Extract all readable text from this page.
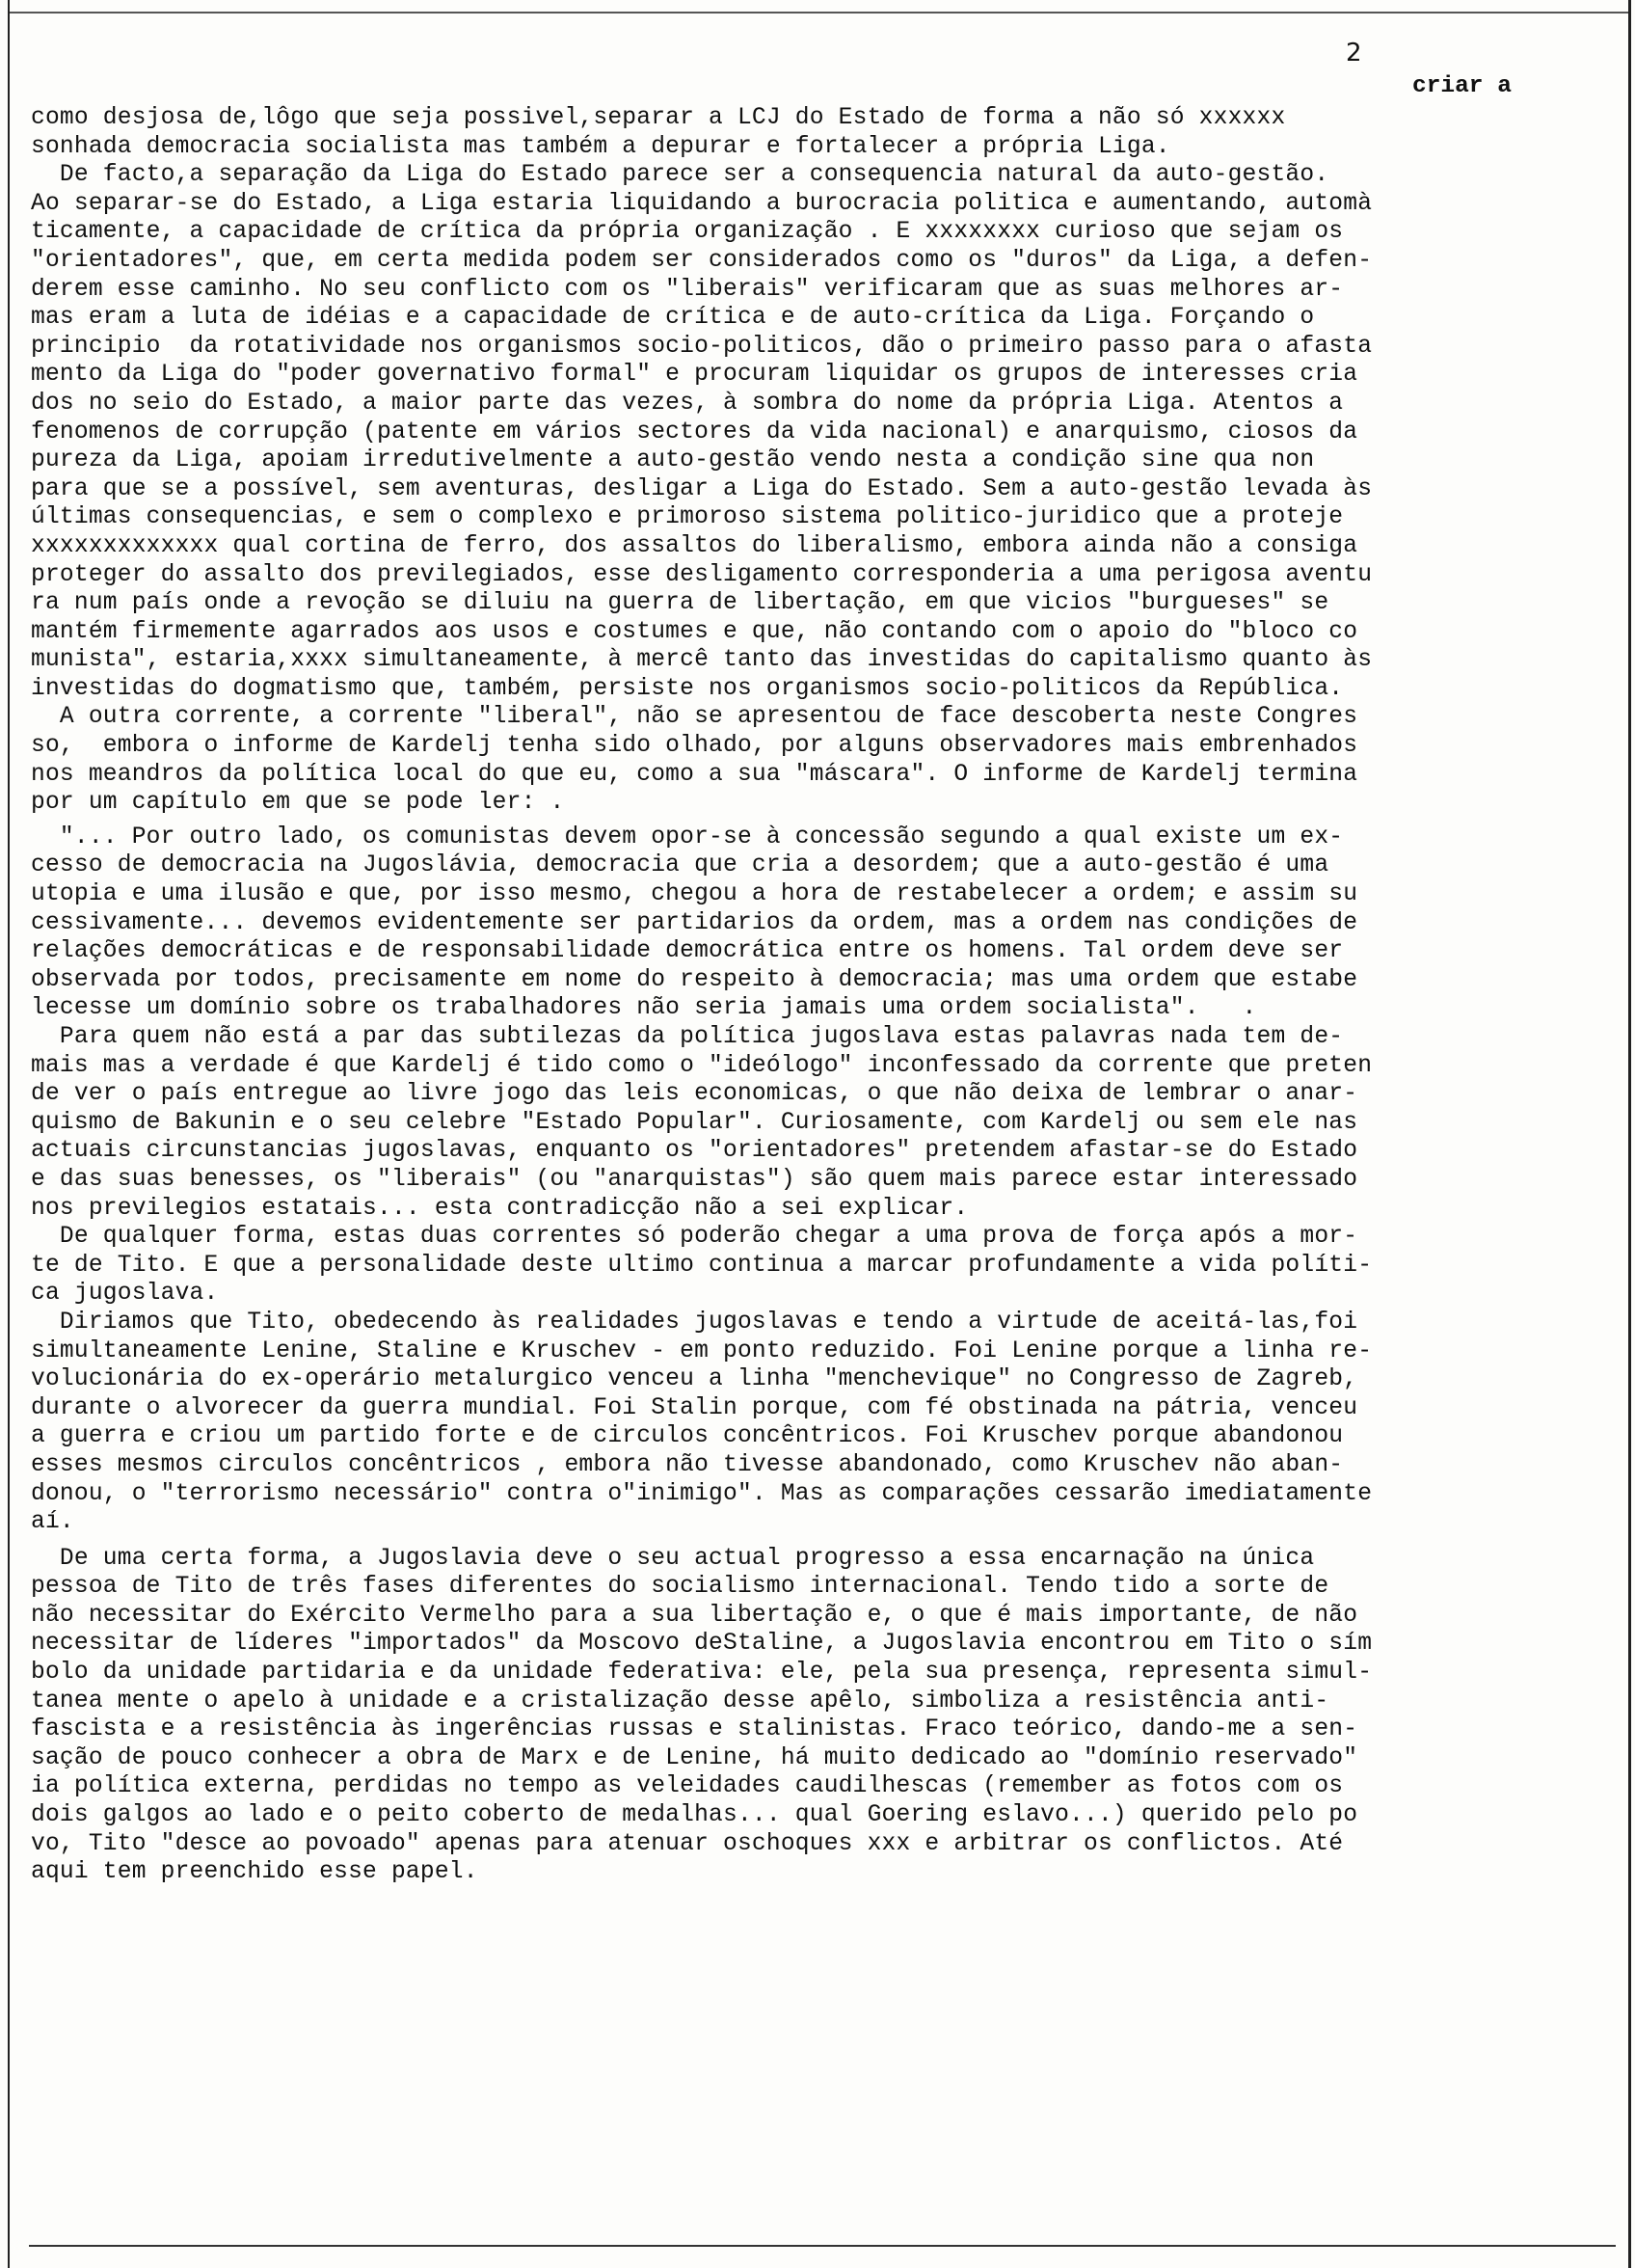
2
criar a
como desjosa de,lôgo que seja possivel,separar a LCJ do Estado de forma a não só xxxxxx
sonhada democracia socialista mas também a depurar e fortalecer a própria Liga.
De facto,a separação da Liga do Estado parece ser a consequencia natural da auto-gestão.
Ao separar-se do Estado, a Liga estaria liquidando a burocracia politica e aumentando, automà
ticamente, a capacidade de crítica da própria organização . E xxxxxxxx curioso que sejam os
"orientadores", que, em certa medida podem ser considerados como os "duros" da Liga, a defen-
derem esse caminho. No seu conflicto com os "liberais" verificaram que as suas melhores ar-
mas eram a luta de idéias e a capacidade de crítica e de auto-crítica da Liga. Forçando o
principio  da rotatividade nos organismos socio-politicos, dão o primeiro passo para o afasta
mento da Liga do "poder governativo formal" e procuram liquidar os grupos de interesses cria
dos no seio do Estado, a maior parte das vezes, à sombra do nome da própria Liga. Atentos a
fenomenos de corrupção (patente em vários sectores da vida nacional) e anarquismo, ciosos da
pureza da Liga, apoiam irredutivelmente a auto-gestão vendo nesta a condição sine qua non
para que se a possível, sem aventuras, desligar a Liga do Estado. Sem a auto-gestão levada às
últimas consequencias, e sem o complexo e primoroso sistema politico-juridico que a proteje
xxxxxxxxxxxxx qual cortina de ferro, dos assaltos do liberalismo, embora ainda não a consiga
proteger do assalto dos previlegiados, esse desligamento corresponderia a uma perigosa aventu
ra num país onde a revoção se diluiu na guerra de libertação, em que vicios "burgueses" se
mantém firmemente agarrados aos usos e costumes e que, não contando com o apoio do "bloco co
munista", estaria,xxxx simultaneamente, à mercê tanto das investidas do capitalismo quanto às
investidas do dogmatismo que, também, persiste nos organismos socio-politicos da República.
A outra corrente, a corrente "liberal", não se apresentou de face descoberta neste Congres
so,  embora o informe de Kardelj tenha sido olhado, por alguns observadores mais embrenhados
nos meandros da política local do que eu, como a sua "máscara". O informe de Kardelj termina
por um capítulo em que se pode ler: .
"... Por outro lado, os comunistas devem opor-se à concessão segundo a qual existe um ex-
cesso de democracia na Jugoslávia, democracia que cria a desordem; que a auto-gestão é uma
utopia e uma ilusão e que, por isso mesmo, chegou a hora de restabelecer a ordem; e assim su
cessivamente... devemos evidentemente ser partidarios da ordem, mas a ordem nas condições de
relações democráticas e de responsabilidade democrática entre os homens. Tal ordem deve ser
observada por todos, precisamente em nome do respeito à democracia; mas uma ordem que estabe
lecesse um domínio sobre os trabalhadores não seria jamais uma ordem socialista".   .
Para quem não está a par das subtilezas da política jugoslava estas palavras nada tem de-
mais mas a verdade é que Kardelj é tido como o "ideólogo" inconfessado da corrente que preten
de ver o país entregue ao livre jogo das leis economicas, o que não deixa de lembrar o anar-
quismo de Bakunin e o seu celebre "Estado Popular". Curiosamente, com Kardelj ou sem ele nas
actuais circunstancias jugoslavas, enquanto os "orientadores" pretendem afastar-se do Estado
e das suas benesses, os "liberais" (ou "anarquistas") são quem mais parece estar interessado
nos previlegios estatais... esta contradicção não a sei explicar.
De qualquer forma, estas duas correntes só poderão chegar a uma prova de força após a mor-
te de Tito. E que a personalidade deste ultimo continua a marcar profundamente a vida políti-
ca jugoslava.
Diriamos que Tito, obedecendo às realidades jugoslavas e tendo a virtude de aceitá-las,foi
simultaneamente Lenine, Staline e Kruschev - em ponto reduzido. Foi Lenine porque a linha re-
volucionária do ex-operário metalurgico venceu a linha "menchevique" no Congresso de Zagreb,
durante o alvorecer da guerra mundial. Foi Stalin porque, com fé obstinada na pátria, venceu
a guerra e criou um partido forte e de circulos concêntricos. Foi Kruschev porque abandonou
esses mesmos circulos concêntricos , embora não tivesse abandonado, como Kruschev não aban-
donou, o "terrorismo necessário" contra o"inimigo". Mas as comparações cessarão imediatamente
aí.
De uma certa forma, a Jugoslavia deve o seu actual progresso a essa encarnação na única
pessoa de Tito de três fases diferentes do socialismo internacional. Tendo tido a sorte de
não necessitar do Exército Vermelho para a sua libertação e, o que é mais importante, de não
necessitar de líderes "importados" da Moscovo deStaline, a Jugoslavia encontrou em Tito o sím
bolo da unidade partidaria e da unidade federativa: ele, pela sua presença, representa simul-
tanea mente o apelo à unidade e a cristalização desse apêlo, simboliza a resistência anti-
fascista e a resistência às ingerências russas e stalinistas. Fraco teórico, dando-me a sen-
sação de pouco conhecer a obra de Marx e de Lenine, há muito dedicado ao "domínio reservado"
ia política externa, perdidas no tempo as veleidades caudilhescas (remember as fotos com os
dois galgos ao lado e o peito coberto de medalhas... qual Goering eslavo...) querido pelo po
vo, Tito "desce ao povoado" apenas para atenuar oschoques xxx e arbitrar os conflictos. Até
aqui tem preenchido esse papel.
